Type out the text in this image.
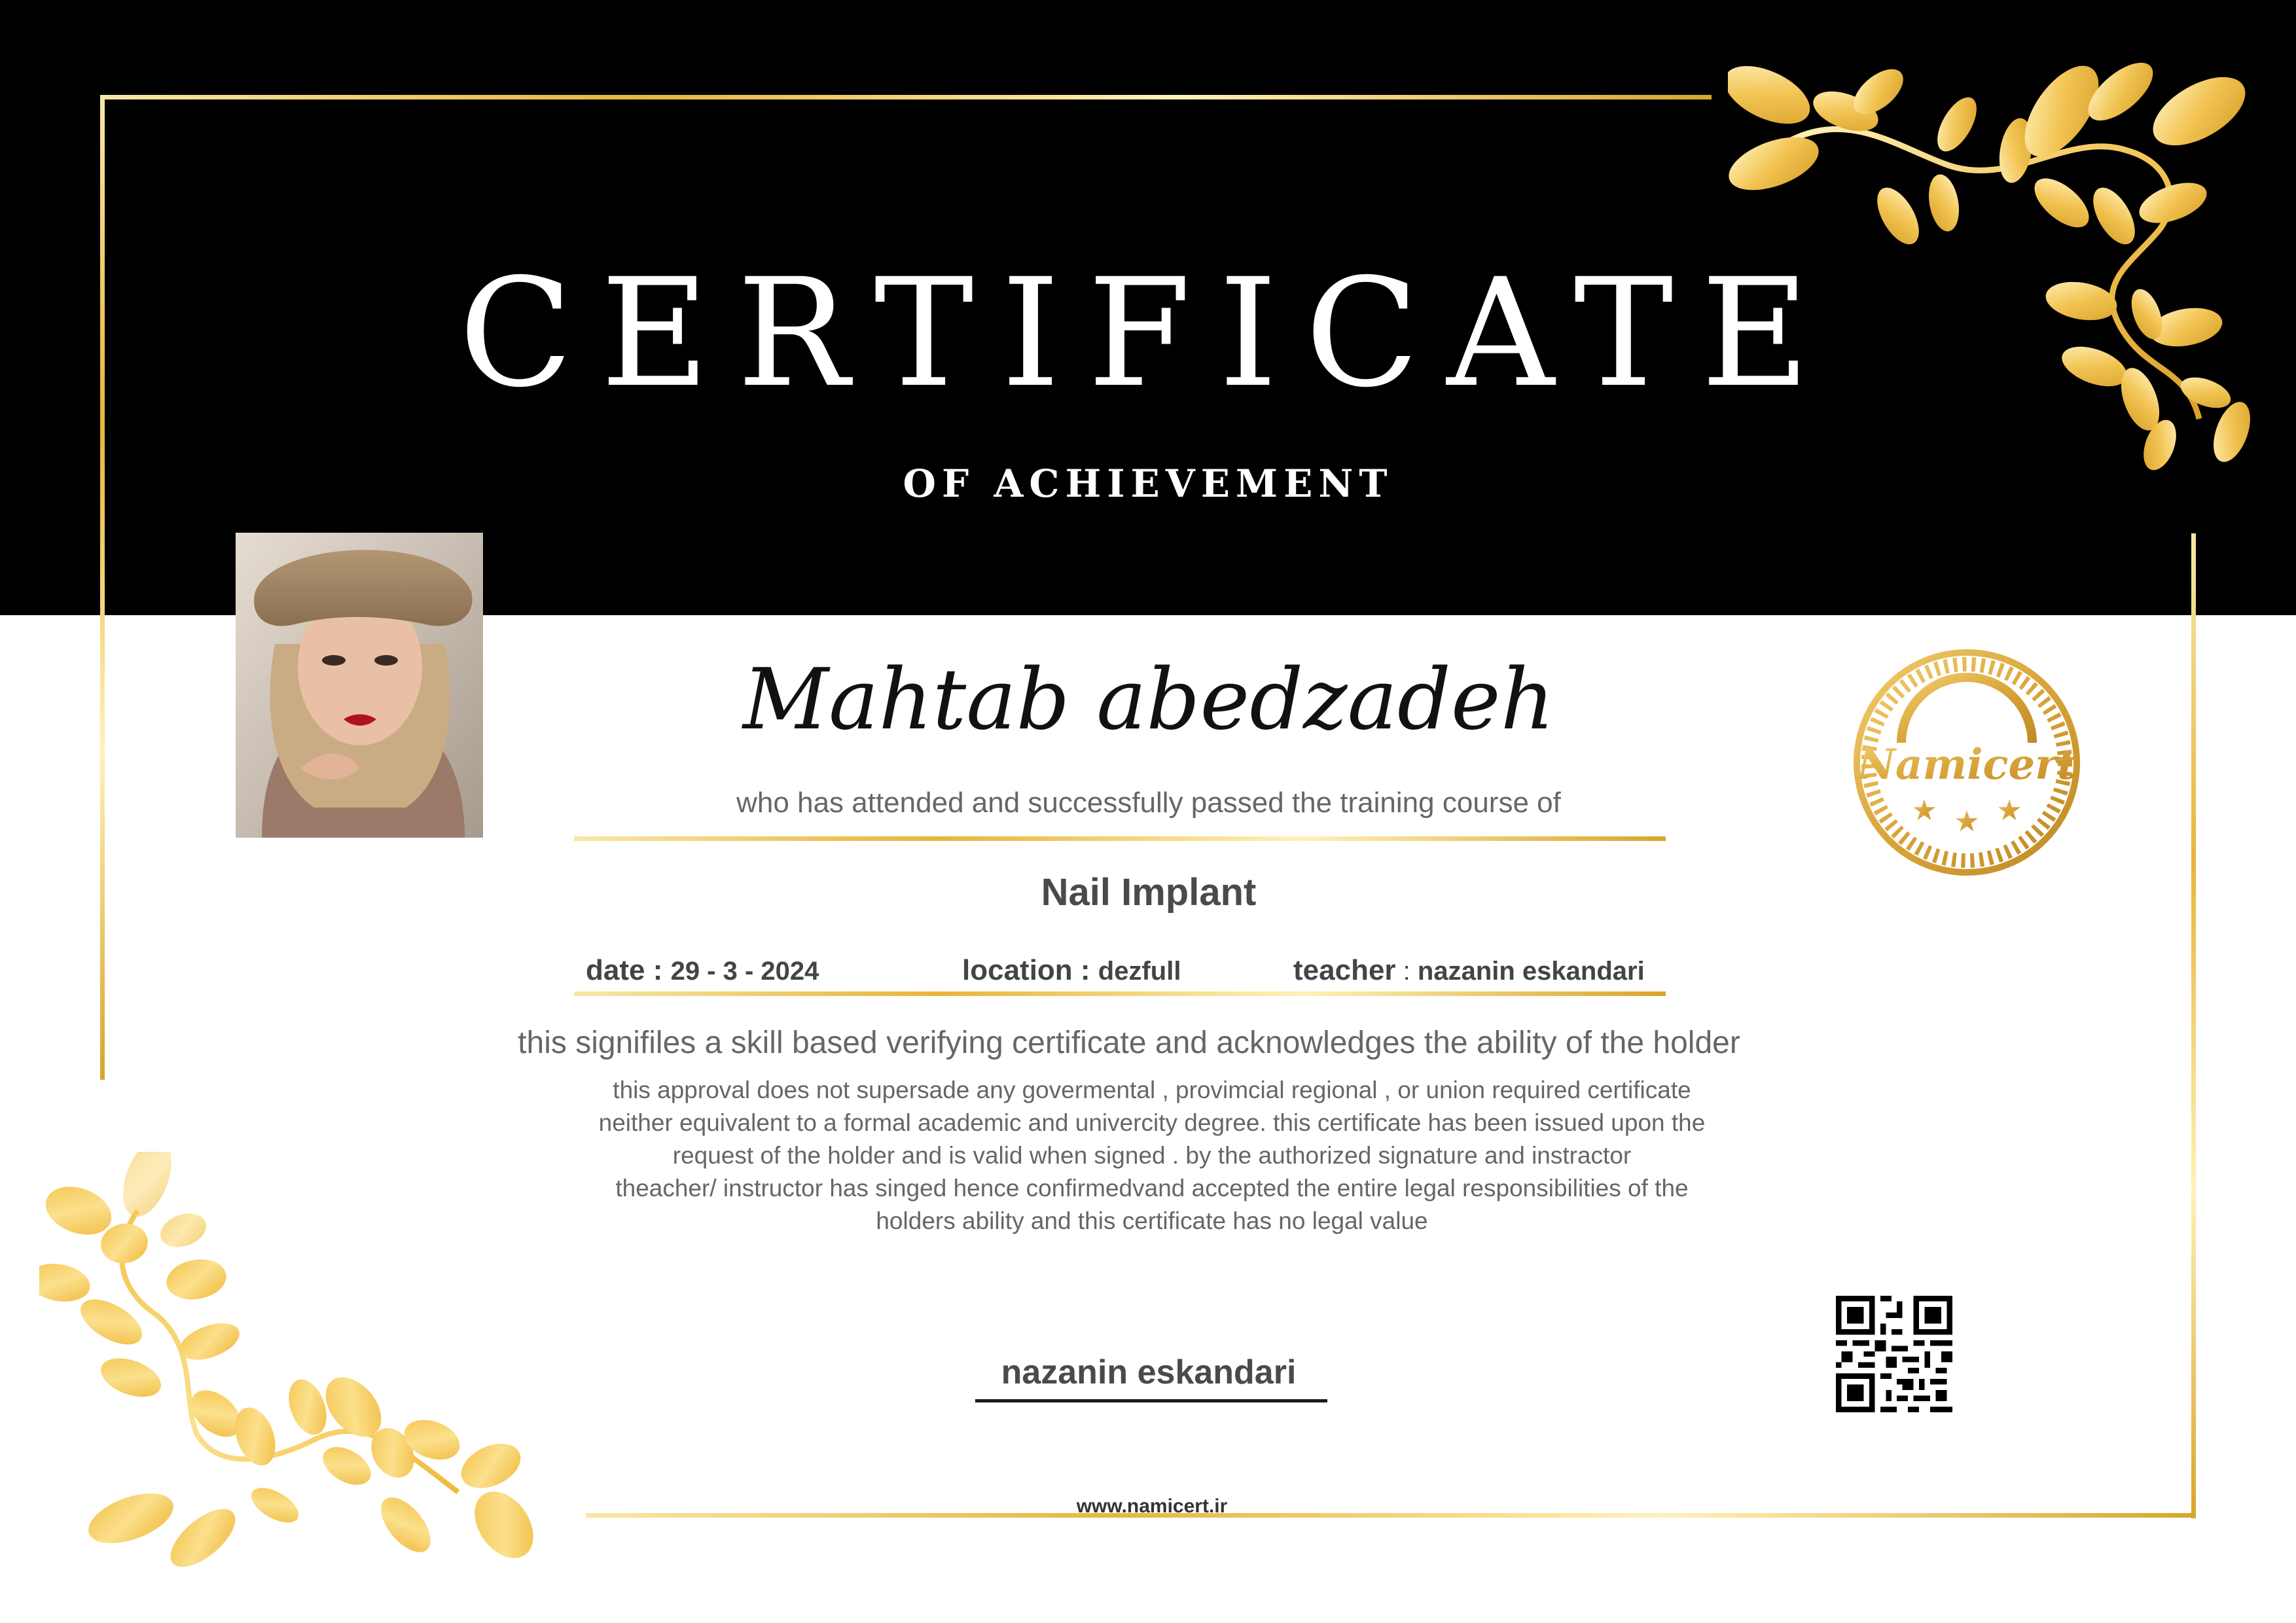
CERTIFICATE
OF ACHIEVEMENT
Mahtab abedzadeh
who has attended and successfully passed the training course of
Nail Implant
date : 29 - 3 - 2024	location : dezfull	teacher : nazanin eskandari
this signifiles a skill based verifying certificate and acknowledges the ability of the holder
this approval does not supersade any govermental , provimcial regional , or union required certificate
neither equivalent to a formal academic and univercity degree. this certificate has been issued upon the
request of the holder and is valid when signed . by the authorized signature and instractor
theacher/ instructor has singed hence confirmedvand accepted the entire legal responsibilities of the
holders ability and this certificate has no legal value
Namicert
★ ★ ★
nazanin eskandari
www.namicert.ir
